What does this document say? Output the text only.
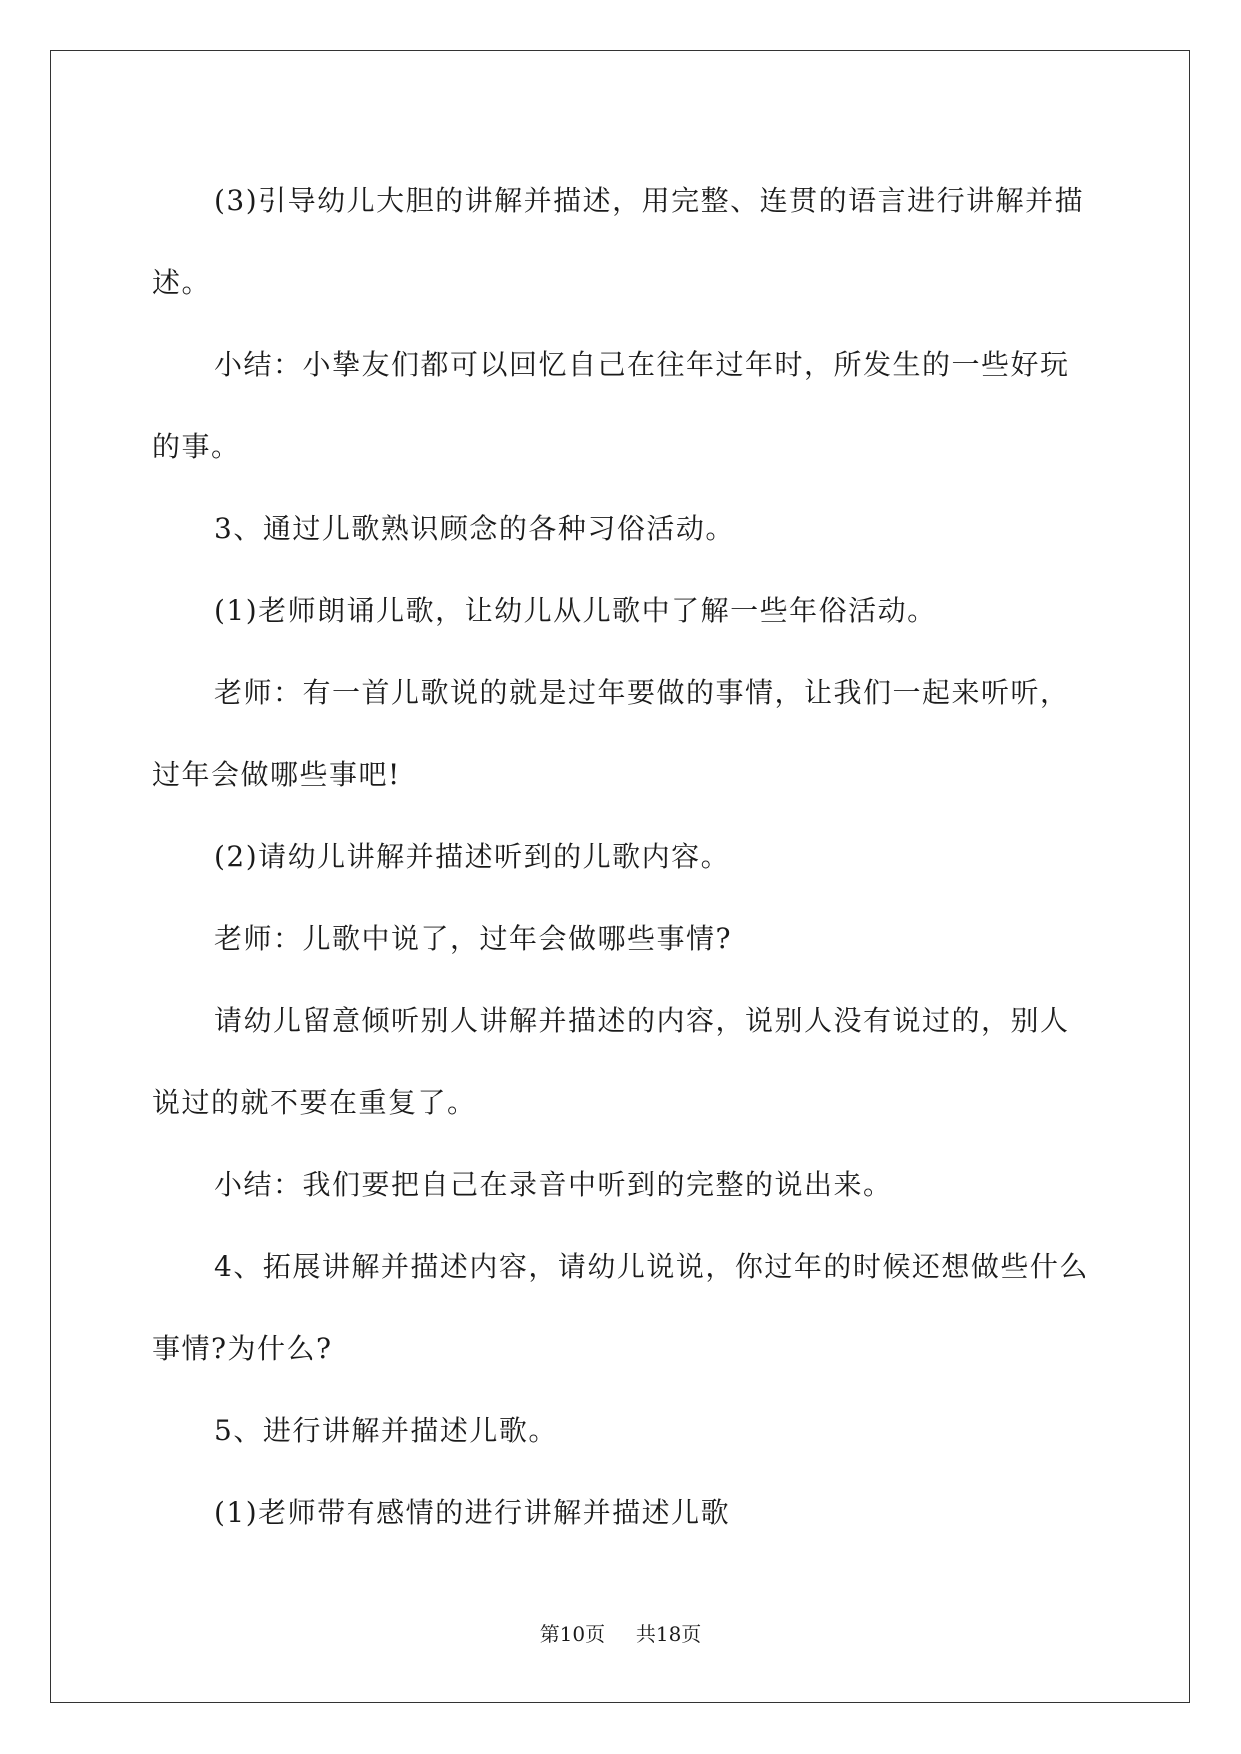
(3)引导幼儿大胆的讲解并描述，用完整、连贯的语言进行讲解并描述。

小结：小挚友们都可以回忆自己在往年过年时，所发生的一些好玩的事。

3、通过儿歌熟识顾念的各种习俗活动。

(1)老师朗诵儿歌，让幼儿从儿歌中了解一些年俗活动。

老师：有一首儿歌说的就是过年要做的事情，让我们一起来听听，过年会做哪些事吧!

(2)请幼儿讲解并描述听到的儿歌内容。

老师：儿歌中说了，过年会做哪些事情?

请幼儿留意倾听别人讲解并描述的内容，说别人没有说过的，别人说过的就不要在重复了。

小结：我们要把自己在录音中听到的完整的说出来。

4、拓展讲解并描述内容，请幼儿说说，你过年的时候还想做些什么事情?为什么?

5、进行讲解并描述儿歌。

(1)老师带有感情的进行讲解并描述儿歌

第10页 共18页
